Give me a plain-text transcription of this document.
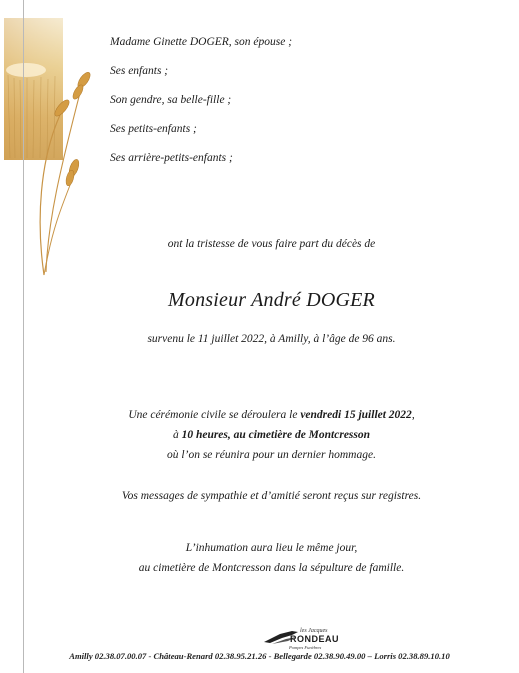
Madame Ginette DOGER, son épouse ;
Ses enfants ;
Son gendre, sa belle-fille ;
Ses petits-enfants ;
Ses arrière-petits-enfants ;
ont la tristesse de vous faire part du décès de
Monsieur André DOGER
survenu le 11 juillet 2022, à Amilly, à l’âge de 96 ans.
Une cérémonie civile se déroulera le vendredi 15 juillet 2022,
à 10 heures, au cimetière de Montcresson
où l’on se réunira pour un dernier hommage.
Vos messages de sympathie et d’amitié seront reçus sur registres.
L’inhumation aura lieu le même jour,
au cimetière de Montcresson dans la sépulture de famille.
les Jacques
RONDEAU
Pompes Funèbres
Amilly 02.38.07.00.07 - Château-Renard 02.38.95.21.26 - Bellegarde 02.38.90.49.00 – Lorris 02.38.89.10.10
